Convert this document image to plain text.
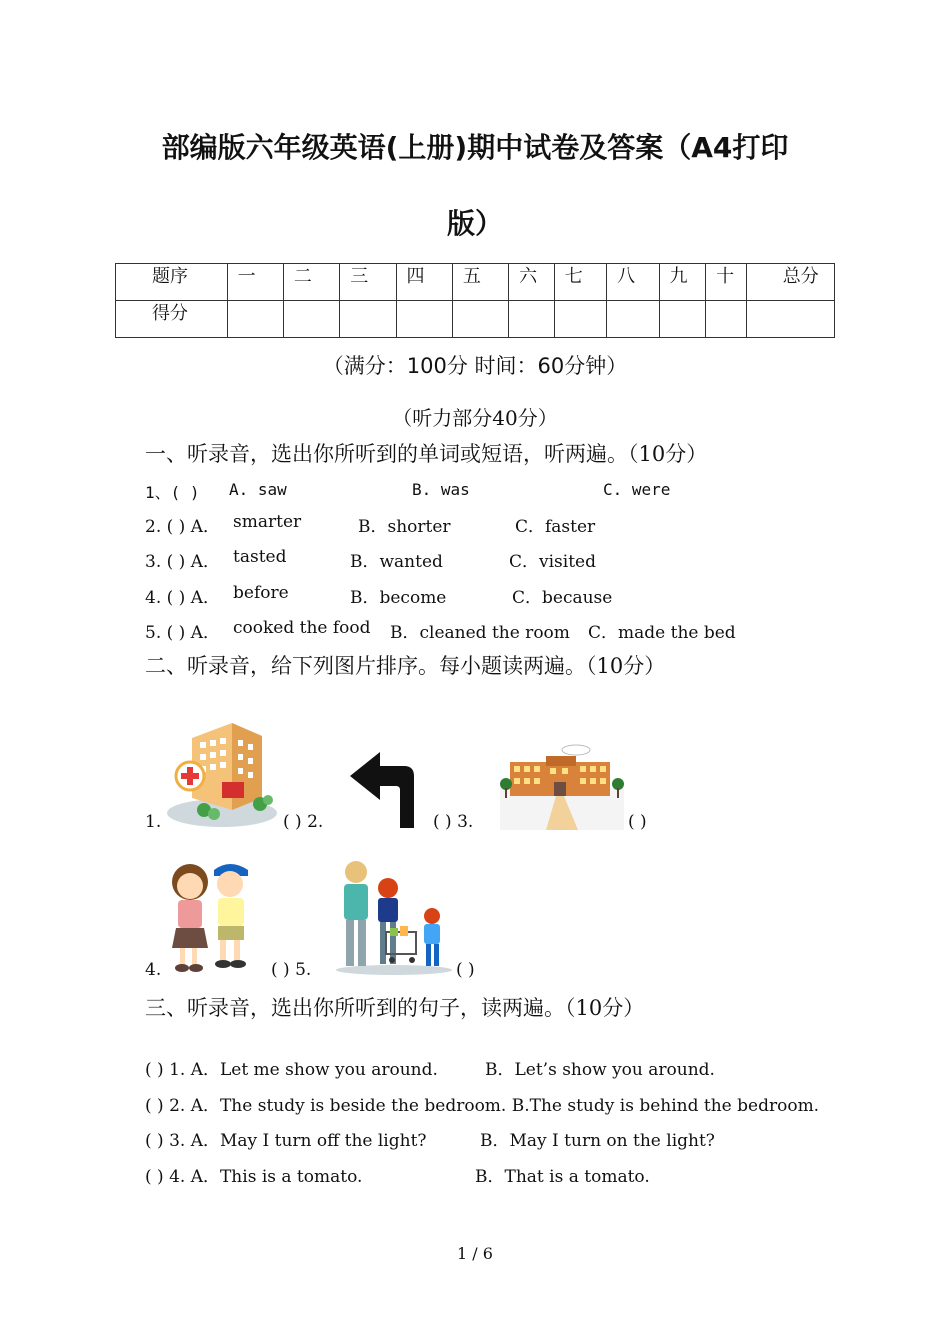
部编版六年级英语(上册)期中试卷及答案（A4打印
版）
题序	一	二	三	四	五	六	七	八	九	十	总分
得分											
（满分：100分 时间：60分钟）
（听力部分40分）
一、听录音，选出你所听到的单词或短语，听两遍。（10分）
1、( ) A. saw	B. was	C. were
2. ( ) A． smarter	B．shorter	C．faster
3. ( ) A． tasted	B．wanted	C．visited
4. ( ) A． before	B．become	C．because
5. ( ) A． cooked the food B．cleaned the room C．made the bed
二、听录音，给下列图片排序。每小题读两遍。（10分）
1.	( ) 2.	( ) 3.	( )
4.	( ) 5.	( )
三、听录音，选出你所听到的句子，读两遍。（10分）
( ) 1. A．Let me show you around.	B．Let’s show you around.
( ) 2. A．The study is beside the bedroom. B.The study is behind the bedroom.
( ) 3. A．May I turn off the light?	B．May I turn on the light?
( ) 4. A．This is a tomato.	B．That is a tomato.
1 / 6
